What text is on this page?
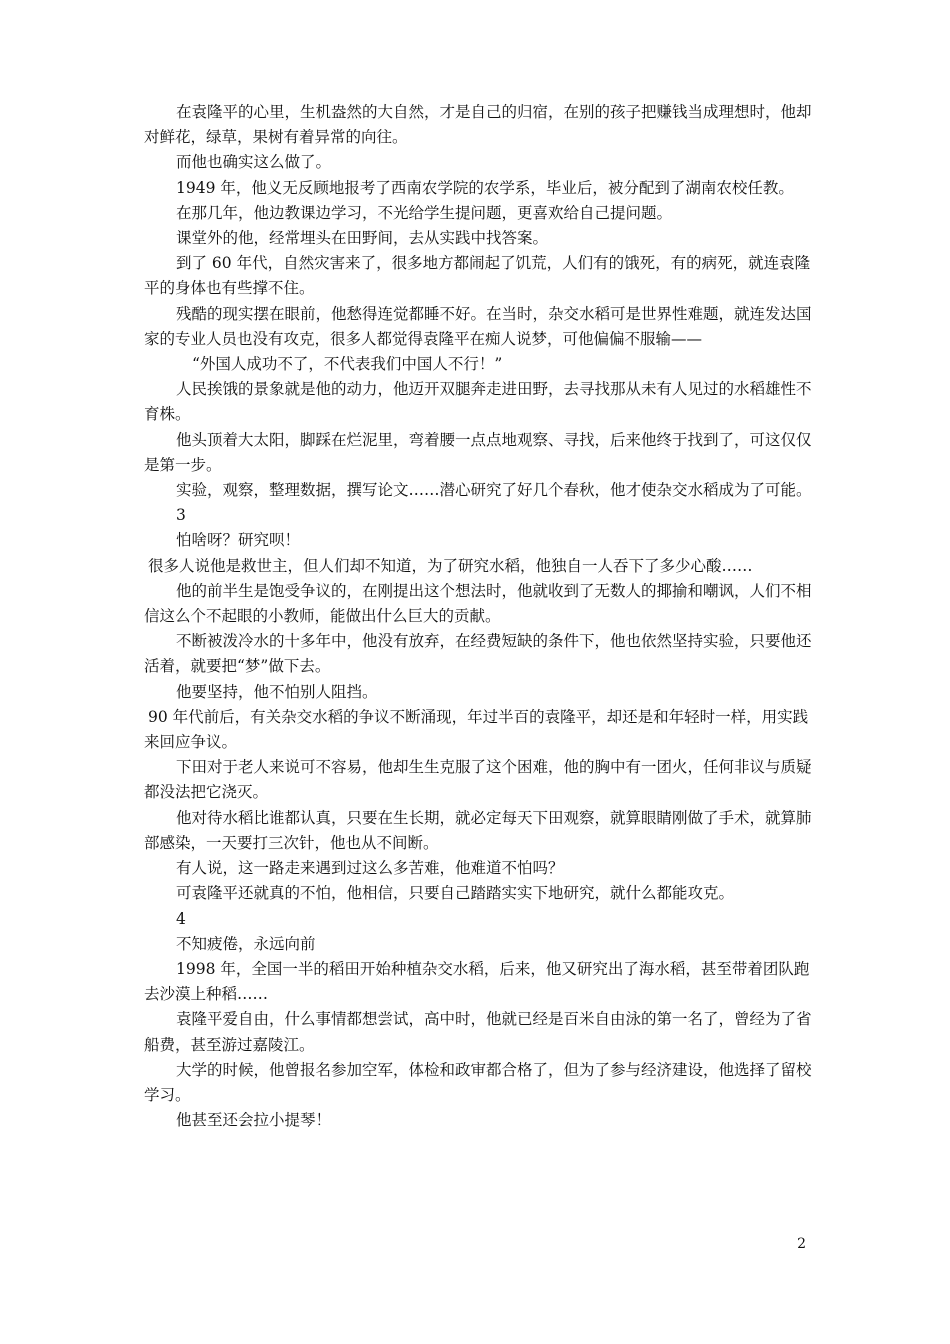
在袁隆平的心里，生机盎然的大自然，才是自己的归宿，在别的孩子把赚钱当成理想时，他却对鲜花，绿草，果树有着异常的向往。

而他也确实这么做了。

1949 年，他义无反顾地报考了西南农学院的农学系，毕业后，被分配到了湖南农校任教。

在那几年，他边教课边学习，不光给学生提问题，更喜欢给自己提问题。

课堂外的他，经常埋头在田野间，去从实践中找答案。

到了 60 年代，自然灾害来了，很多地方都闹起了饥荒，人们有的饿死，有的病死，就连袁隆平的身体也有些撑不住。

残酷的现实摆在眼前，他愁得连觉都睡不好。在当时，杂交水稻可是世界性难题，就连发达国家的专业人员也没有攻克，很多人都觉得袁隆平在痴人说梦，可他偏偏不服输——

“外国人成功不了，不代表我们中国人不行！”

人民挨饿的景象就是他的动力，他迈开双腿奔走进田野，去寻找那从未有人见过的水稻雄性不育株。

他头顶着大太阳，脚踩在烂泥里，弯着腰一点点地观察、寻找，后来他终于找到了，可这仅仅是第一步。

实验，观察，整理数据，撰写论文……潜心研究了好几个春秋，他才使杂交水稻成为了可能。

3

怕啥呀？研究呗！

很多人说他是救世主，但人们却不知道，为了研究水稻，他独自一人吞下了多少心酸……

他的前半生是饱受争议的，在刚提出这个想法时，他就收到了无数人的揶揄和嘲讽，人们不相信这么个不起眼的小教师，能做出什么巨大的贡献。

不断被泼冷水的十多年中，他没有放弃，在经费短缺的条件下，他也依然坚持实验，只要他还活着，就要把“梦”做下去。

他要坚持，他不怕别人阻挡。

90 年代前后，有关杂交水稻的争议不断涌现，年过半百的袁隆平，却还是和年轻时一样，用实践来回应争议。

下田对于老人来说可不容易，他却生生克服了这个困难，他的胸中有一团火，任何非议与质疑都没法把它浇灭。

他对待水稻比谁都认真，只要在生长期，就必定每天下田观察，就算眼睛刚做了手术，就算肺部感染，一天要打三次针，他也从不间断。

有人说，这一路走来遇到过这么多苦难，他难道不怕吗？

可袁隆平还就真的不怕，他相信，只要自己踏踏实实下地研究，就什么都能攻克。

4

不知疲倦，永远向前

1998 年，全国一半的稻田开始种植杂交水稻，后来，他又研究出了海水稻，甚至带着团队跑去沙漠上种稻……

袁隆平爱自由，什么事情都想尝试，高中时，他就已经是百米自由泳的第一名了，曾经为了省船费，甚至游过嘉陵江。

大学的时候，他曾报名参加空军，体检和政审都合格了，但为了参与经济建设，他选择了留校学习。

他甚至还会拉小提琴！

2
